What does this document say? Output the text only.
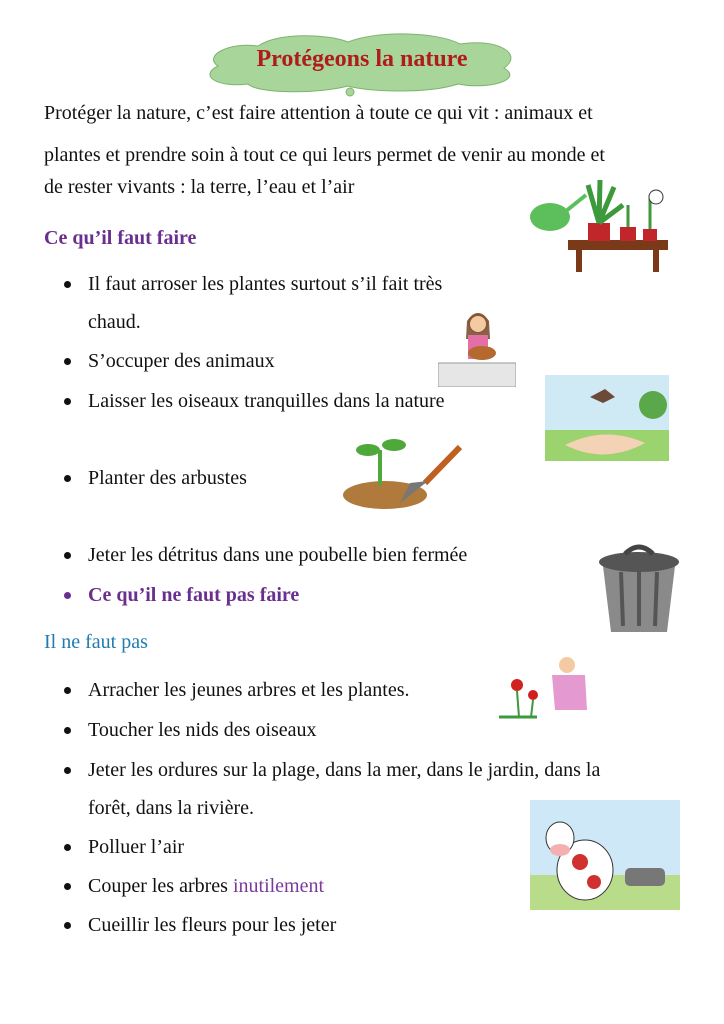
Protégeons la nature
Protéger la nature, c’est faire attention à toute ce qui vit : animaux et
plantes et prendre soin à tout ce qui leurs permet de venir au monde et
de rester vivants : la terre, l’eau et l’air
Ce qu’il faut faire
Il faut arroser les plantes surtout s’il fait très
chaud.
S’occuper des animaux
Laisser les oiseaux tranquilles dans la nature
Planter des arbustes
Jeter les détritus dans une poubelle bien fermée
Ce qu’il ne faut pas faire
Il ne faut pas
Arracher les jeunes arbres et les plantes.
Toucher les nids des oiseaux
Jeter les ordures sur la plage, dans la mer, dans le jardin, dans la
forêt, dans la rivière.
Polluer l’air
Couper les arbres inutilement
Cueillir les fleurs pour les jeter
